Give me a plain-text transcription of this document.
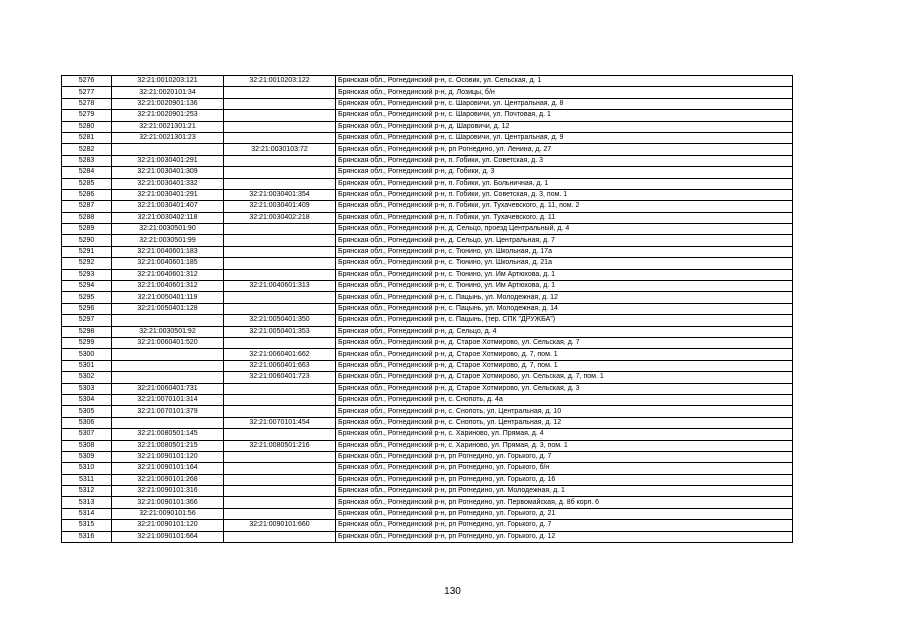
5276	32:21:0010203:121	32:21:0010203:122	Брянская обл., Рогнединский р-н, с. Осовик, ул. Сельская, д. 1
5277	32:21:0020101:34		Брянская обл., Рогнединский р-н, д. Лозицы, б/н
5278	32:21:0020901:136		Брянская обл., Рогнединский р-н, с. Шаровичи, ул. Центральная, д. 8
5279	32:21:0020901:253		Брянская обл., Рогнединский р-н, с. Шаровичи, ул. Почтовая, д. 1
5280	32:21:0021301:21		Брянская обл., Рогнединский р-н, д. Шаровичи, д. 12
5281	32:21:0021301:23		Брянская обл., Рогнединский р-н, с. Шаровичи, ул. Центральная, д. 9
5282		32:21:0030103:72	Брянская обл., Рогнединский р-н, рп Рогнедино, ул. Ленина, д. 27
5283	32:21:0030401:291		Брянская обл., Рогнединский р-н, п. Гобики, ул. Советская, д. 3
5284	32:21:0030401:309		Брянская обл., Рогнединский р-н, д. Гобики, д. 3
5285	32:21:0030401:332		Брянская обл., Рогнединский р-н, п. Гобики, ул. Больничная, д. 1
5286	32:21:0030401:291	32:21:0030401:354	Брянская обл., Рогнединский р-н, п. Гобики, ул. Советская, д. 3, пом. 1
5287	32:21:0030401:407	32:21:0030401:409	Брянская обл., Рогнединский р-н, п. Гобики, ул. Тухачевского, д. 11, пом. 2
5288	32:21:0030402:118	32:21:0030402:218	Брянская обл., Рогнединский р-н, п. Гобики, ул. Тухачевского, д. 11
5289	32:21:0030501:90		Брянская обл., Рогнединский р-н, д. Сельцо, проезд Центральный, д. 4
5290	32:21:0030501:99		Брянская обл., Рогнединский р-н, д. Сельцо, ул. Центральная, д. 7
5291	32:21:0040601:183		Брянская обл., Рогнединский р-н, с. Тюнино, ул. Школьная, д. 17а
5292	32:21:0040601:185		Брянская обл., Рогнединский р-н, с. Тюнино, ул. Школьная, д. 21а
5293	32:21:0040601:312		Брянская обл., Рогнединский р-н, с. Тюнино, ул. Им Артюхова, д. 1
5294	32:21:0040601:312	32:21:0040601:313	Брянская обл., Рогнединский р-н, с. Тюнино, ул. Им Артюхова, д. 1
5295	32:21:0050401:119		Брянская обл., Рогнединский р-н, с. Пацынь, ул. Молодежная, д. 12
5296	32:21:0050401:128		Брянская обл., Рогнединский р-н, с. Пацынь, ул. Молодежная, д. 14
5297		32:21:0050401:350	Брянская обл., Рогнединский р-н, с. Пацынь, (тер. СПК "ДРУЖБА")
5298	32:21:0030501:92	32:21:0050401:353	Брянская обл., Рогнединский р-н, д. Сельцо, д. 4
5299	32:21:0060401:520		Брянская обл., Рогнединский р-н, д. Старое Хотмирово, ул. Сельская, д. 7
5300		32:21:0060401:662	Брянская обл., Рогнединский р-н, д. Старое Хотмирово, д. 7, пом. 1
5301		32:21:0060401:663	Брянская обл., Рогнединский р-н, д. Старое Хотмирово, д. 7, пом. 1
5302		32:21:0060401:723	Брянская обл., Рогнединский р-н, д. Старое Хотмирово, ул. Сельская, д. 7, пом. 1
5303	32:21:0060401:731		Брянская обл., Рогнединский р-н, д. Старое Хотмирово, ул. Сельская, д. 3
5304	32:21:0070101:314		Брянская обл., Рогнединский р-н, с. Снопоть, д. 4а
5305	32:21:0070101:379		Брянская обл., Рогнединский р-н, с. Снопоть, ул. Центральная, д. 10
5306		32:21:0070101:454	Брянская обл., Рогнединский р-н, с. Снопоть, ул. Центральная, д. 12
5307	32:21:0080501:145		Брянская обл., Рогнединский р-н, с. Хариново, ул. Прямая, д. 4
5308	32:21:0080501:215	32:21:0080501:216	Брянская обл., Рогнединский р-н, с. Хариново, ул. Прямая, д. 3, пом. 1
5309	32:21:0090101:120		Брянская обл., Рогнединский р-н, рп Рогнедино, ул. Горького, д. 7
5310	32:21:0090101:164		Брянская обл., Рогнединский р-н, рп Рогнедино, ул. Горького, б/н
5311	32:21:0090101:268		Брянская обл., Рогнединский р-н, рп Рогнедино, ул. Горького, д. 16
5312	32:21:0090101:316		Брянская обл., Рогнединский р-н, рп Рогнедино, ул. Молодежная, д. 1
5313	32:21:0090101:366		Брянская обл., Рогнединский р-н, рп Рогнедино, ул. Первомайская, д. 8б корп. 6
5314	32:21:0090101:56		Брянская обл., Рогнединский р-н, рп Рогнедино, ул. Горького, д. 21
5315	32:21:0090101:120	32:21:0090101:660	Брянская обл., Рогнединский р-н, рп Рогнедино, ул. Горького, д. 7
5316	32:21:0090101:664		Брянская обл., Рогнединский р-н, рп Рогнедино, ул. Горького, д. 12
130
